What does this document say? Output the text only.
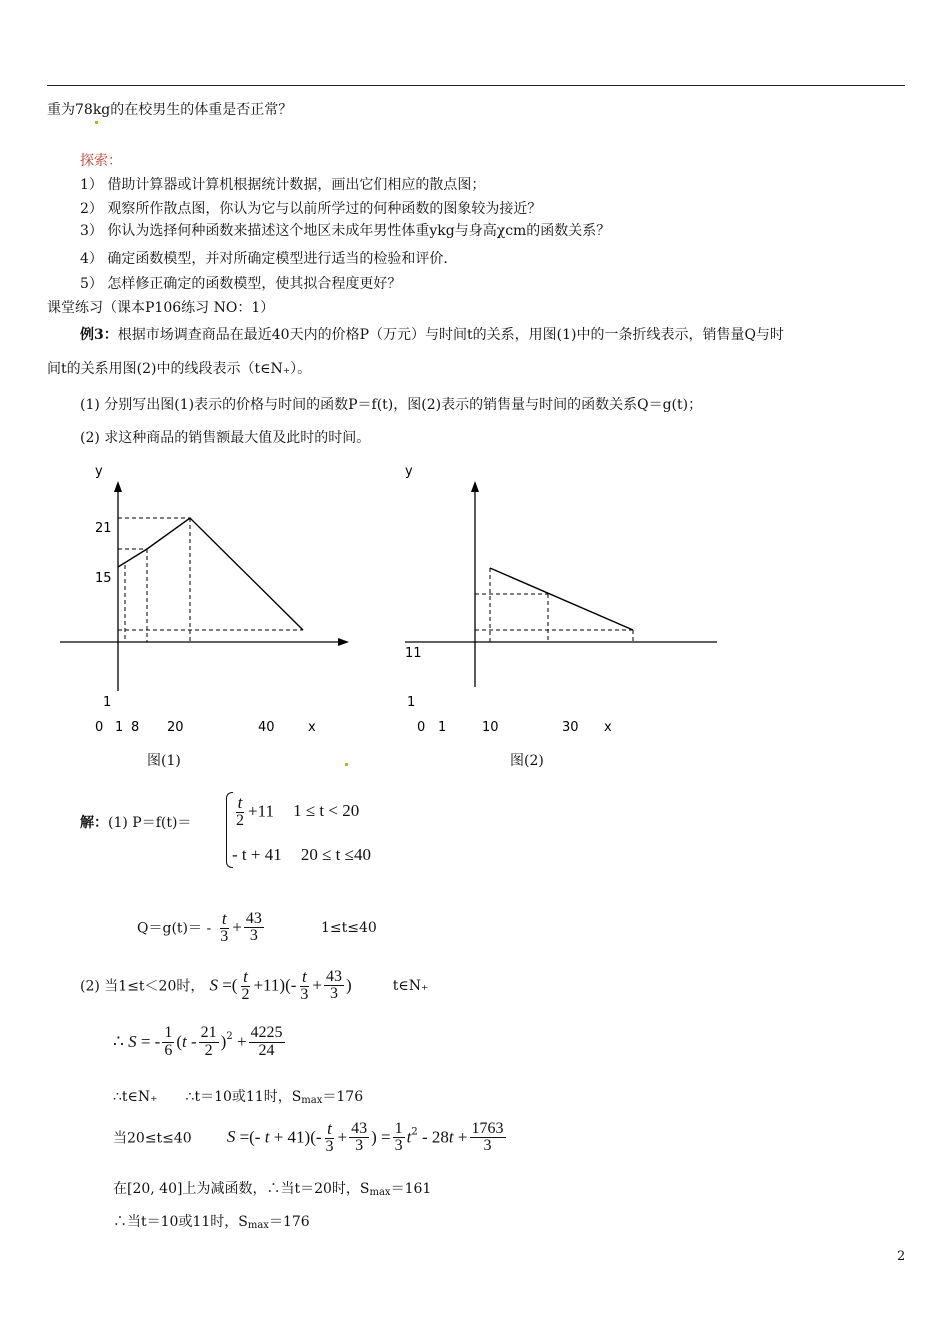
重为78kg的在校男生的体重是否正常？
探索：
1） 借助计算器或计算机根据统计数据，画出它们相应的散点图；
2） 观察所作散点图，你认为它与以前所学过的何种函数的图象较为接近？
3） 你认为选择何种函数来描述这个地区未成年男性体重ykg与身高χcm的函数关系？
4） 确定函数模型，并对所确定模型进行适当的检验和评价.
5） 怎样修正确定的函数模型，使其拟合程度更好？
课堂练习（课本P106练习 NO：1）
例3：根据市场调查商品在最近40天内的价格P（万元）与时间t的关系，用图(1)中的一条折线表示，销售量Q与时
间t的关系用图(2)中的线段表示（t∈N₊）。
(1) 分别写出图(1)表示的价格与时间的函数P＝f(t)，图(2)表示的销售量与时间的函数关系Q＝g(t)；
(2) 求这种商品的销售额最大值及此时的时间。
y
21
15
1
0 1 8 20	40	x
图(1)
y
11
1
0 1	10	30 x
图(2)
解：(1) P＝f(t)＝	$\frac{t}{2} +11$ 1 ≤ t < 20
- t + 41 20 ≤ t ≤40
$Q=g(t)= - \frac{t}{3} + \frac{43}{3}$	1≤t≤40
(2) 当1≤t＜20时， S =( $\frac{t}{2} +11)(- \frac{t}{3} + \frac{43}{3}$ )	t∈N₊
∴ S = - $\frac{1}{6} (t - \frac{21}{2} )^2 + \frac{4225}{24}$
∴t∈N₊　　∴t＝10或11时，$S_{max}=176$
当20≤t≤40 S =(- $t + 41)(- \frac{t}{3} + \frac{43}{3}$ ) = $\frac{1}{3} t^2 - 28t + \frac{1763}{3}$
在[20, 40]上为减函数，∴当t＝20时，$S_{max}=161$
∴当t＝10或11时，$S_{max}=176$
2
